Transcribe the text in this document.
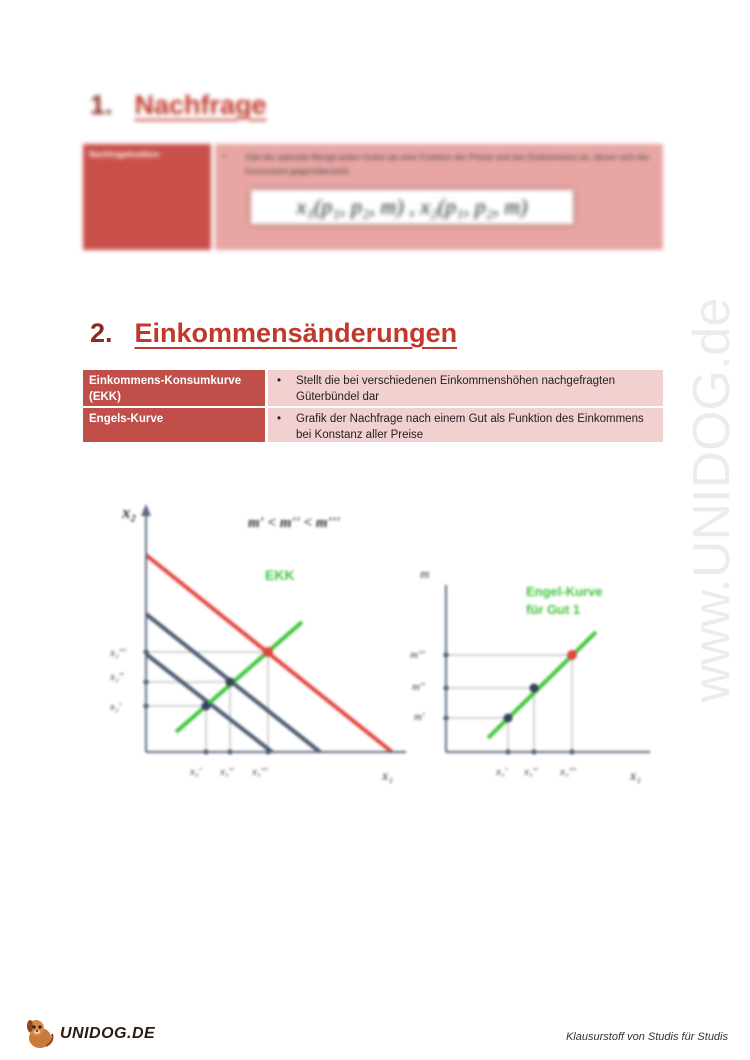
www.UNIDOG.de
1. Nachfrage
Nachfragefunktion	• Gibt die optimale Menge jeden Gutes als eine Funktion der Preise und des Einkommens an, denen sich der Konsument gegenübersieht
x₁(p₁, p₂, m) , x₂(p₁, p₂, m)
2. Einkommensänderungen
Einkommens-Konsumkurve (EKK)
• Stellt die bei verschiedenen Einkommenshöhen nachgefragten Güterbündel dar
Engels-Kurve	• Grafik der Nachfrage nach einem Gut als Funktion des Einkommens bei Konstanz aller Preise
x₂
x₁
m' < m'' < m'''
EKK
x₂'''
x₂''
x₂'
x₁' x₁'' x₁'''
m
x₁
Engel-Kurve
für Gut 1
m'''
m''
m'
x₁' x₁'' x₁'''
UNIDOG.DE	Klausurstoff von Studis für Studis
